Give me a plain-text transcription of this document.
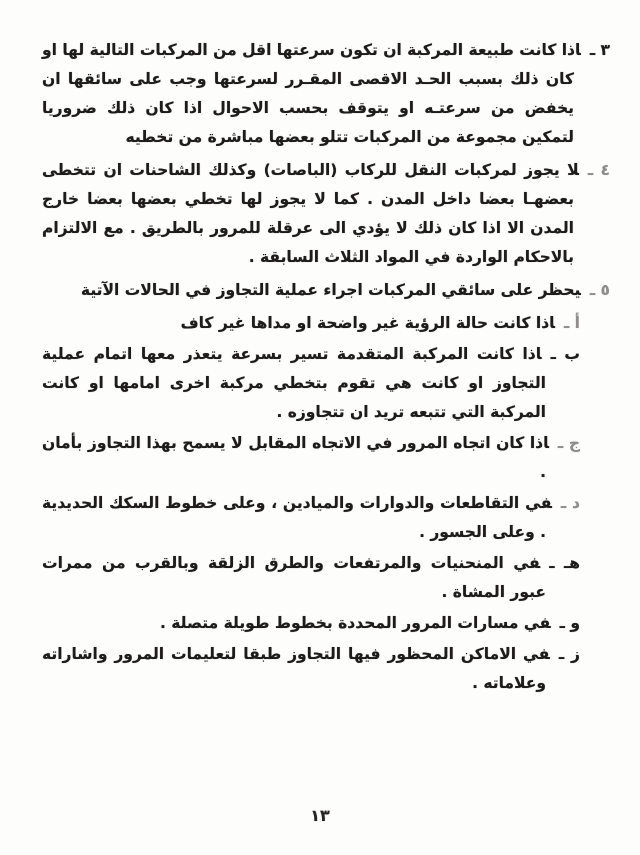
٣ ـاذا كانت طبيعة المركبة ان تكون سرعتها اقل من المركبات التالية لها او كان ذلك بسبب الحـد الاقصى المقـرر لسرعتها وجب على سائقها ان يخفض من سرعتـه او يتوقف بحسب الاحوال اذا كان ذلك ضروريا لتمكين مجموعة من المركبات تتلو بعضها مباشرة من تخطيه

٤ ـلا يجوز لمركبات النقل للركاب (الباصات) وكذلك الشاحنات ان تتخطى بعضهـا بعضا داخل المدن . كما لا يجوز لها تخطي بعضها بعضا خارج المدن الا اذا كان ذلك لا يؤدي الى عرقلة للمرور بالطريق . مع الالتزام بالاحكام الواردة في المواد الثلاث السابقة .

٥ ـيحظر على سائقي المركبات اجراء عملية التجاوز في الحالات الآتية

أ ـاذا كانت حالة الرؤية غير واضحة او مداها غير كاف

ب ـاذا كانت المركبة المتقدمة تسير بسرعة يتعذر معها اتمام عملية التجاوز او كانت هي تقوم بتخطي مركبة اخرى امامها او كانت المركبة التي تتبعه تريد ان تتجاوزه .

ج ـاذا كان اتجاه المرور في الاتجاه المقابل لا يسمح بهذا التجاوز بأمان .

د ـفي التقاطعات والدوارات والميادين ، وعلى خطوط السكك الحديدية . وعلى الجسور .

هـ ـفي المنحنيات والمرتفعات والطرق الزلقة وبالقرب من ممرات عبور المشاة .

و ـفي مسارات المرور المحددة بخطوط طويلة متصلة .

ز ـفي الاماكن المحظور فيها التجاوز طبقا لتعليمات المرور واشاراته وعلاماته .

١٣
